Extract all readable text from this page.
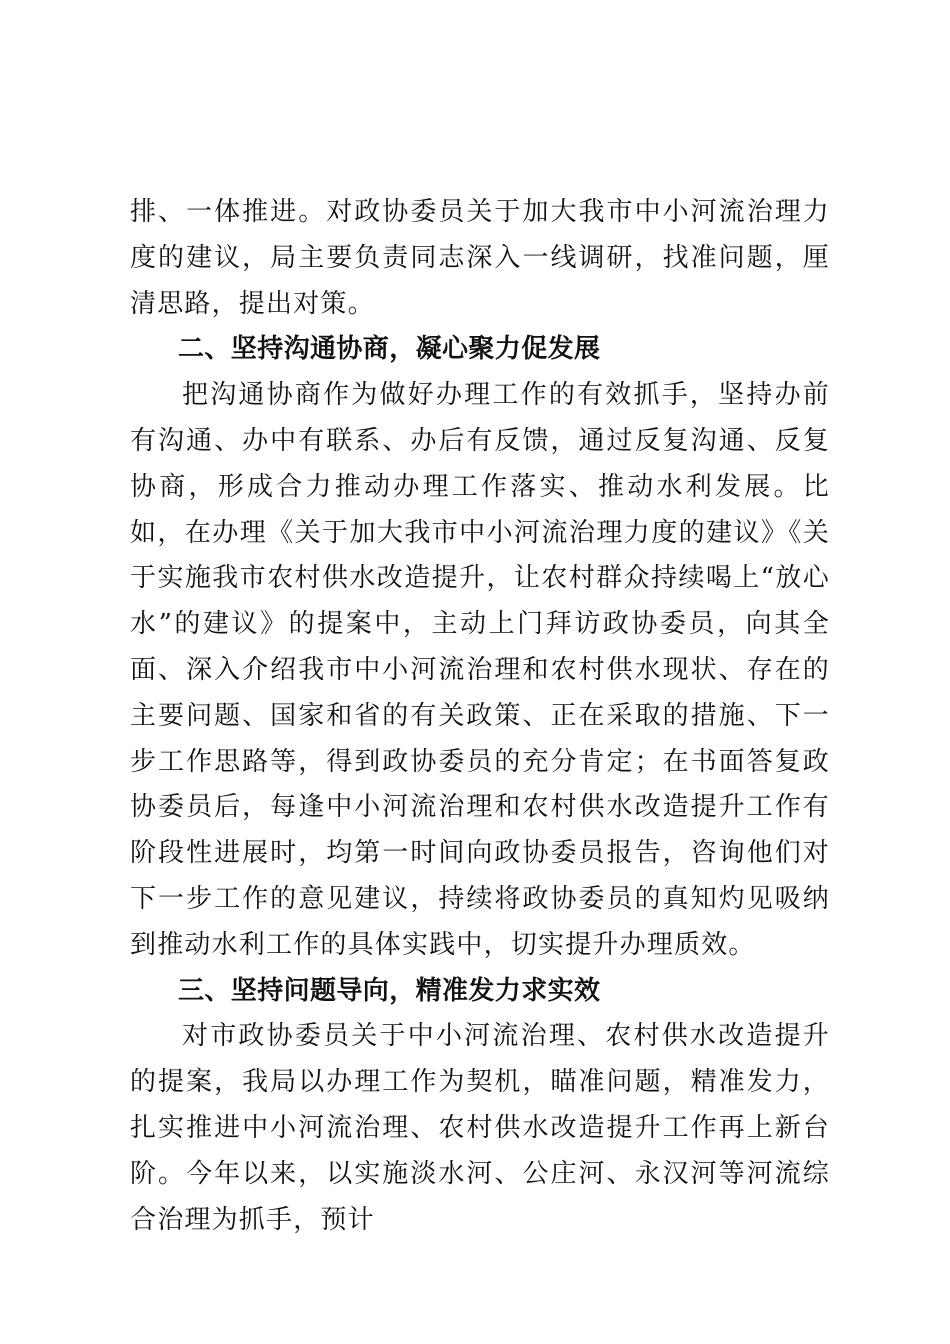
排、一体推进。对政协委员关于加大我市中小河流治理力度的建议，局主要负责同志深入一线调研，找准问题，厘清思路，提出对策。

二、坚持沟通协商，凝心聚力促发展

把沟通协商作为做好办理工作的有效抓手，坚持办前有沟通、办中有联系、办后有反馈，通过反复沟通、反复协商，形成合力推动办理工作落实、推动水利发展。比如，在办理《关于加大我市中小河流治理力度的建议》《关于实施我市农村供水改造提升，让农村群众持续喝上“放心水”的建议》的提案中，主动上门拜访政协委员，向其全面、深入介绍我市中小河流治理和农村供水现状、存在的主要问题、国家和省的有关政策、正在采取的措施、下一步工作思路等，得到政协委员的充分肯定；在书面答复政协委员后，每逢中小河流治理和农村供水改造提升工作有阶段性进展时，均第一时间向政协委员报告，咨询他们对下一步工作的意见建议，持续将政协委员的真知灼见吸纳到推动水利工作的具体实践中，切实提升办理质效。

三、坚持问题导向，精准发力求实效

对市政协委员关于中小河流治理、农村供水改造提升的提案，我局以办理工作为契机，瞄准问题，精准发力，扎实推进中小河流治理、农村供水改造提升工作再上新台阶。今年以来，以实施淡水河、公庄河、永汉河等河流综合治理为抓手，预计
